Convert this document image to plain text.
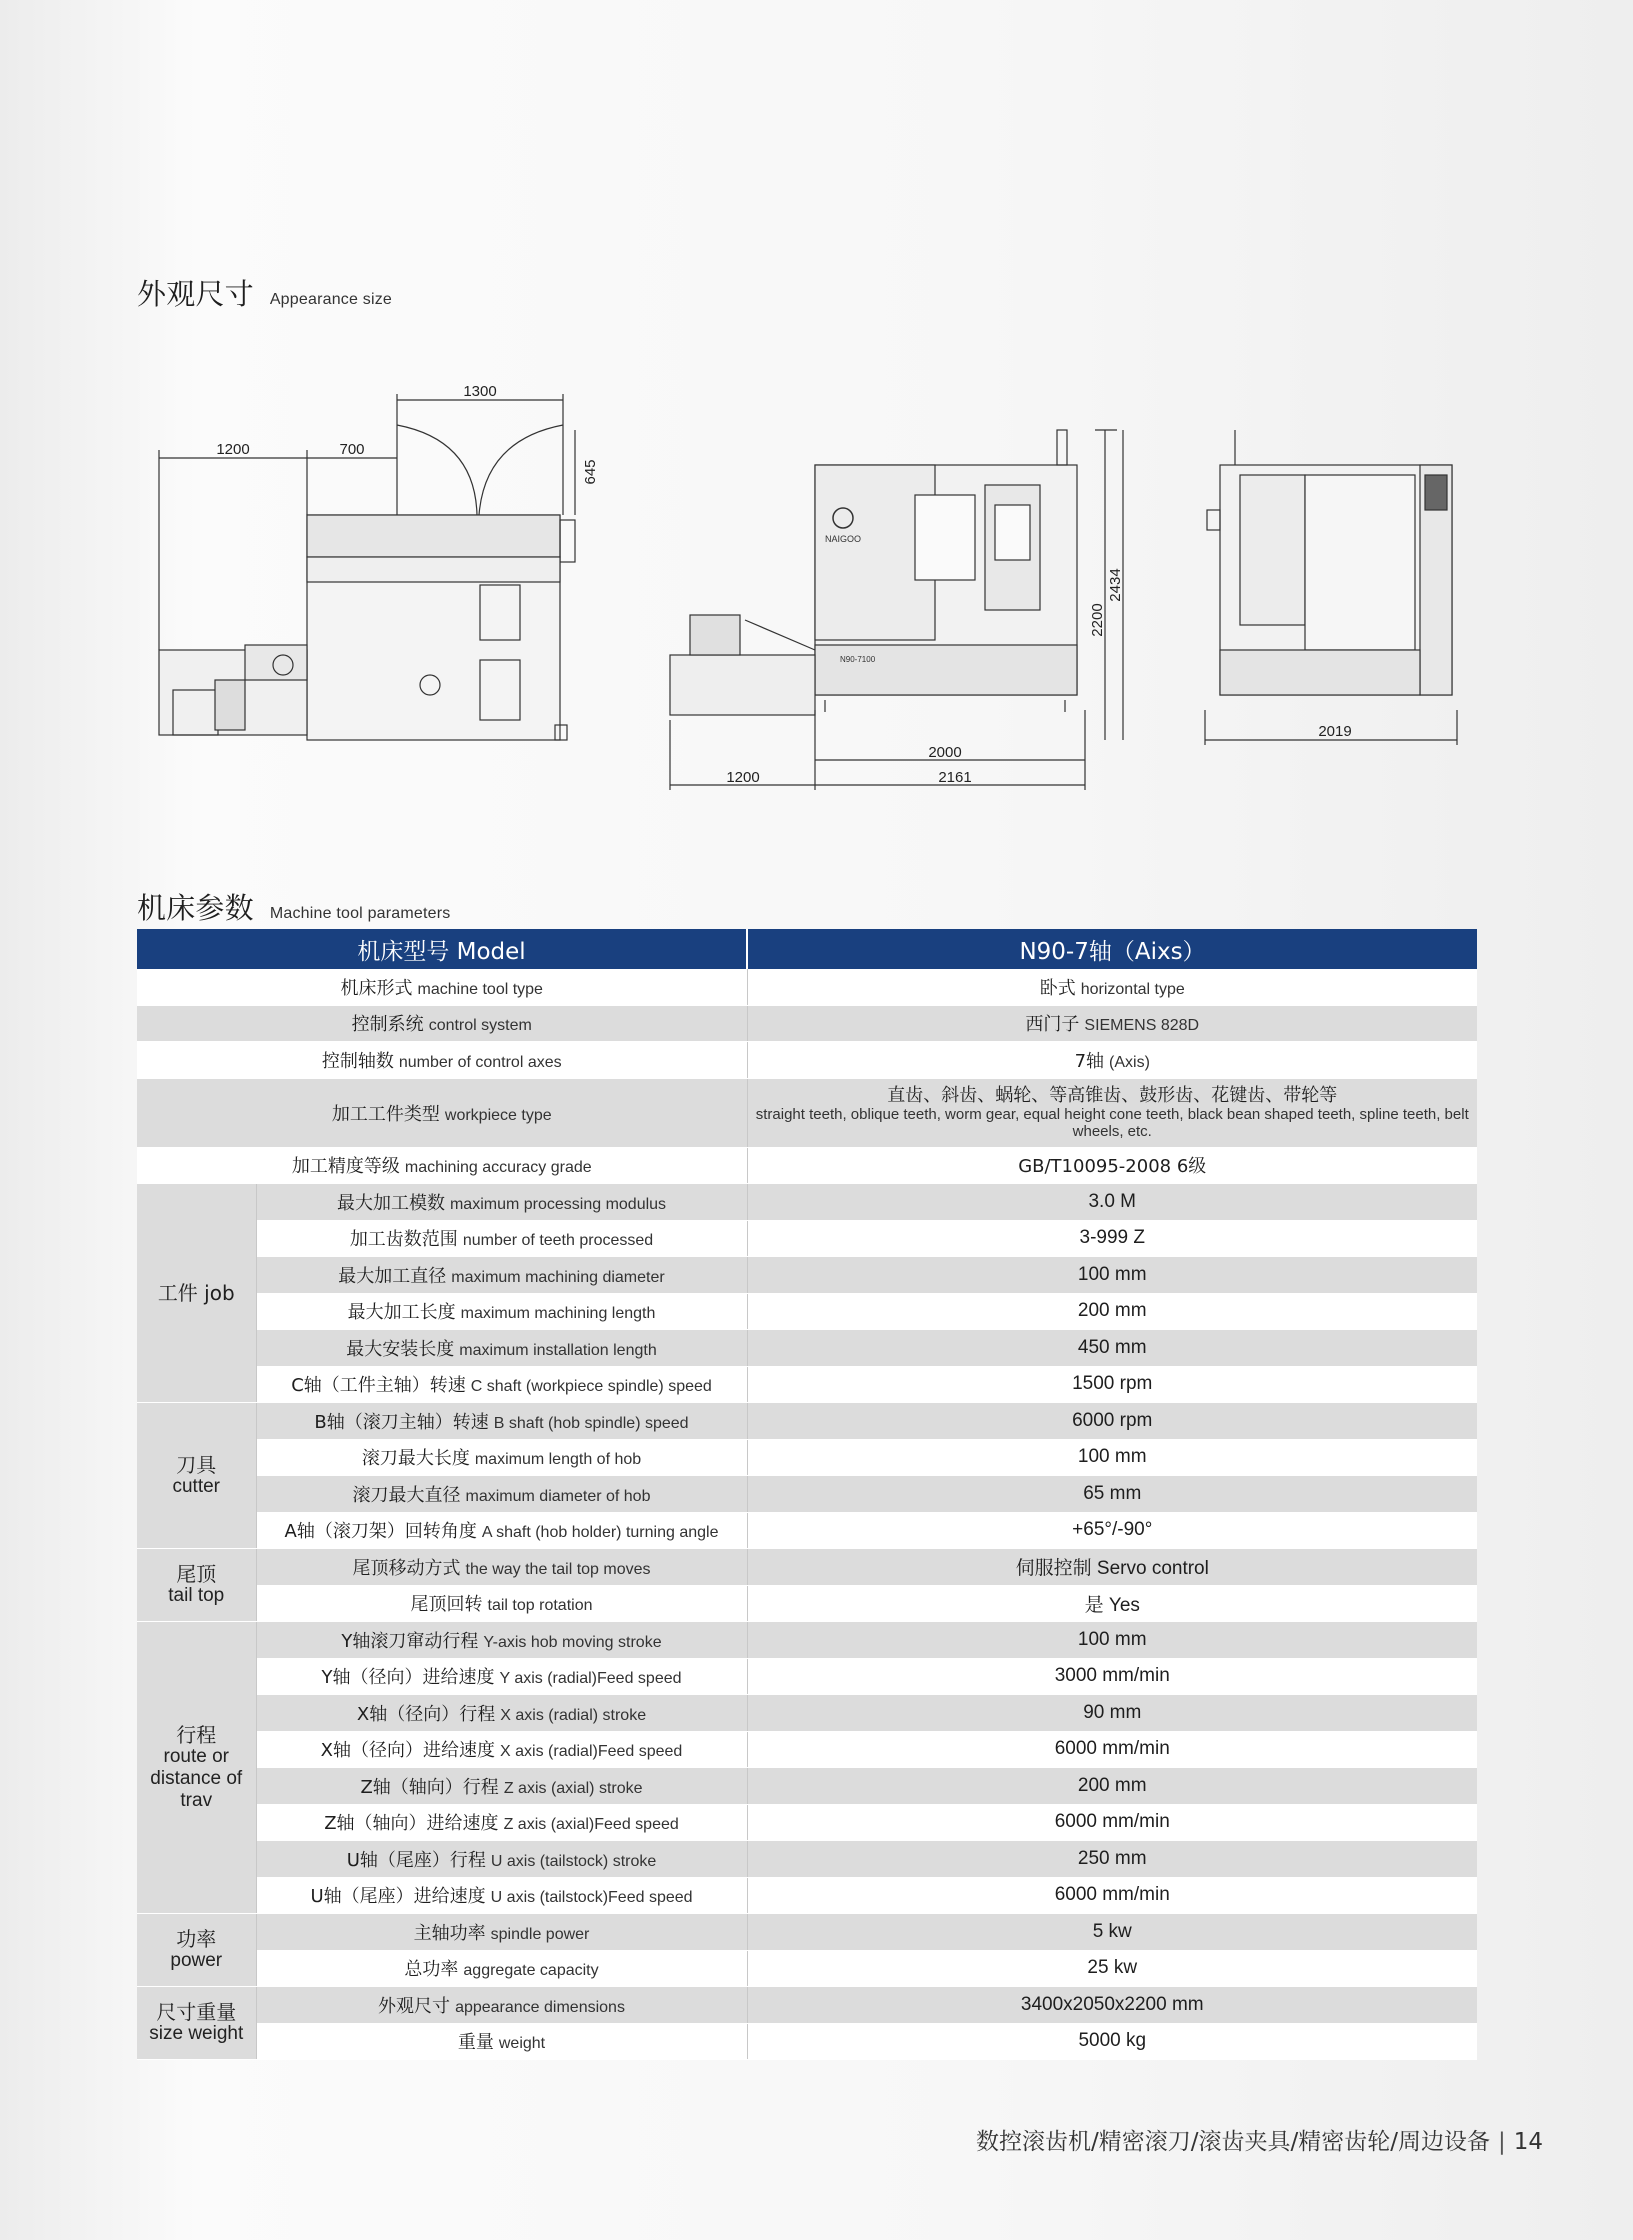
外观尺寸 Appearance size
1300
1200	700
645
NAIGOO
N90-7100
2200
2434
2000
1200	2161
2019
机床参数 Machine tool parameters
机床型号 Model		N90-7轴（Aixs）
机床形式 machine tool type		卧式 horizontal type
控制系统 control system		西门子 SIEMENS 828D
控制轴数 number of control axes		7轴 (Axis)
加工工件类型 workpiece type		直齿、斜齿、蜗轮、等高锥齿、鼓形齿、花键齿、带轮等
straight teeth, oblique teeth, worm gear, equal height cone teeth, black bean shaped teeth, spline teeth, belt wheels, etc.

加工精度等级 machining accuracy grade		GB/T10095-2008 6级

工件 job	最大加工模数 maximum processing modulus	3.0 M
	加工齿数范围 number of teeth processed	3-999 Z
	最大加工直径 maximum machining diameter	100 mm
	最大加工长度 maximum machining length	200 mm
	最大安装长度 maximum installation length	450 mm
	C轴（工件主轴）转速 C shaft (workpiece spindle) speed	1500 rpm

刀具
cutter	B轴（滚刀主轴）转速 B shaft (hob spindle) speed	6000 rpm
	滚刀最大长度 maximum length of hob	100 mm
	滚刀最大直径 maximum diameter of hob	65 mm
	A轴（滚刀架）回转角度 A shaft (hob holder) turning angle	+65°/-90°

尾顶
tail top	尾顶移动方式 the way the tail top moves	伺服控制 Servo control
	尾顶回转 tail top rotation	是 Yes

行程
route or distance of trav	Y轴滚刀窜动行程 Y-axis hob moving stroke	100 mm
	Y轴（径向）进给速度 Y axis (radial)Feed speed	3000 mm/min
	X轴（径向）行程 X axis (radial) stroke	90 mm
	X轴（径向）进给速度 X axis (radial)Feed speed	6000 mm/min
	Z轴（轴向）行程 Z axis (axial) stroke	200 mm
	Z轴（轴向）进给速度 Z axis (axial)Feed speed	6000 mm/min
	U轴（尾座）行程 U axis (tailstock) stroke	250 mm
	U轴（尾座）进给速度 U axis (tailstock)Feed speed	6000 mm/min

功率
power	主轴功率 spindle power	5 kw
	总功率 aggregate capacity	25 kw

尺寸重量
size weight	外观尺寸 appearance dimensions	3400x2050x2200 mm
	重量 weight	5000 kg
数控滚齿机/精密滚刀/滚齿夹具/精密齿轮/周边设备 | 14
